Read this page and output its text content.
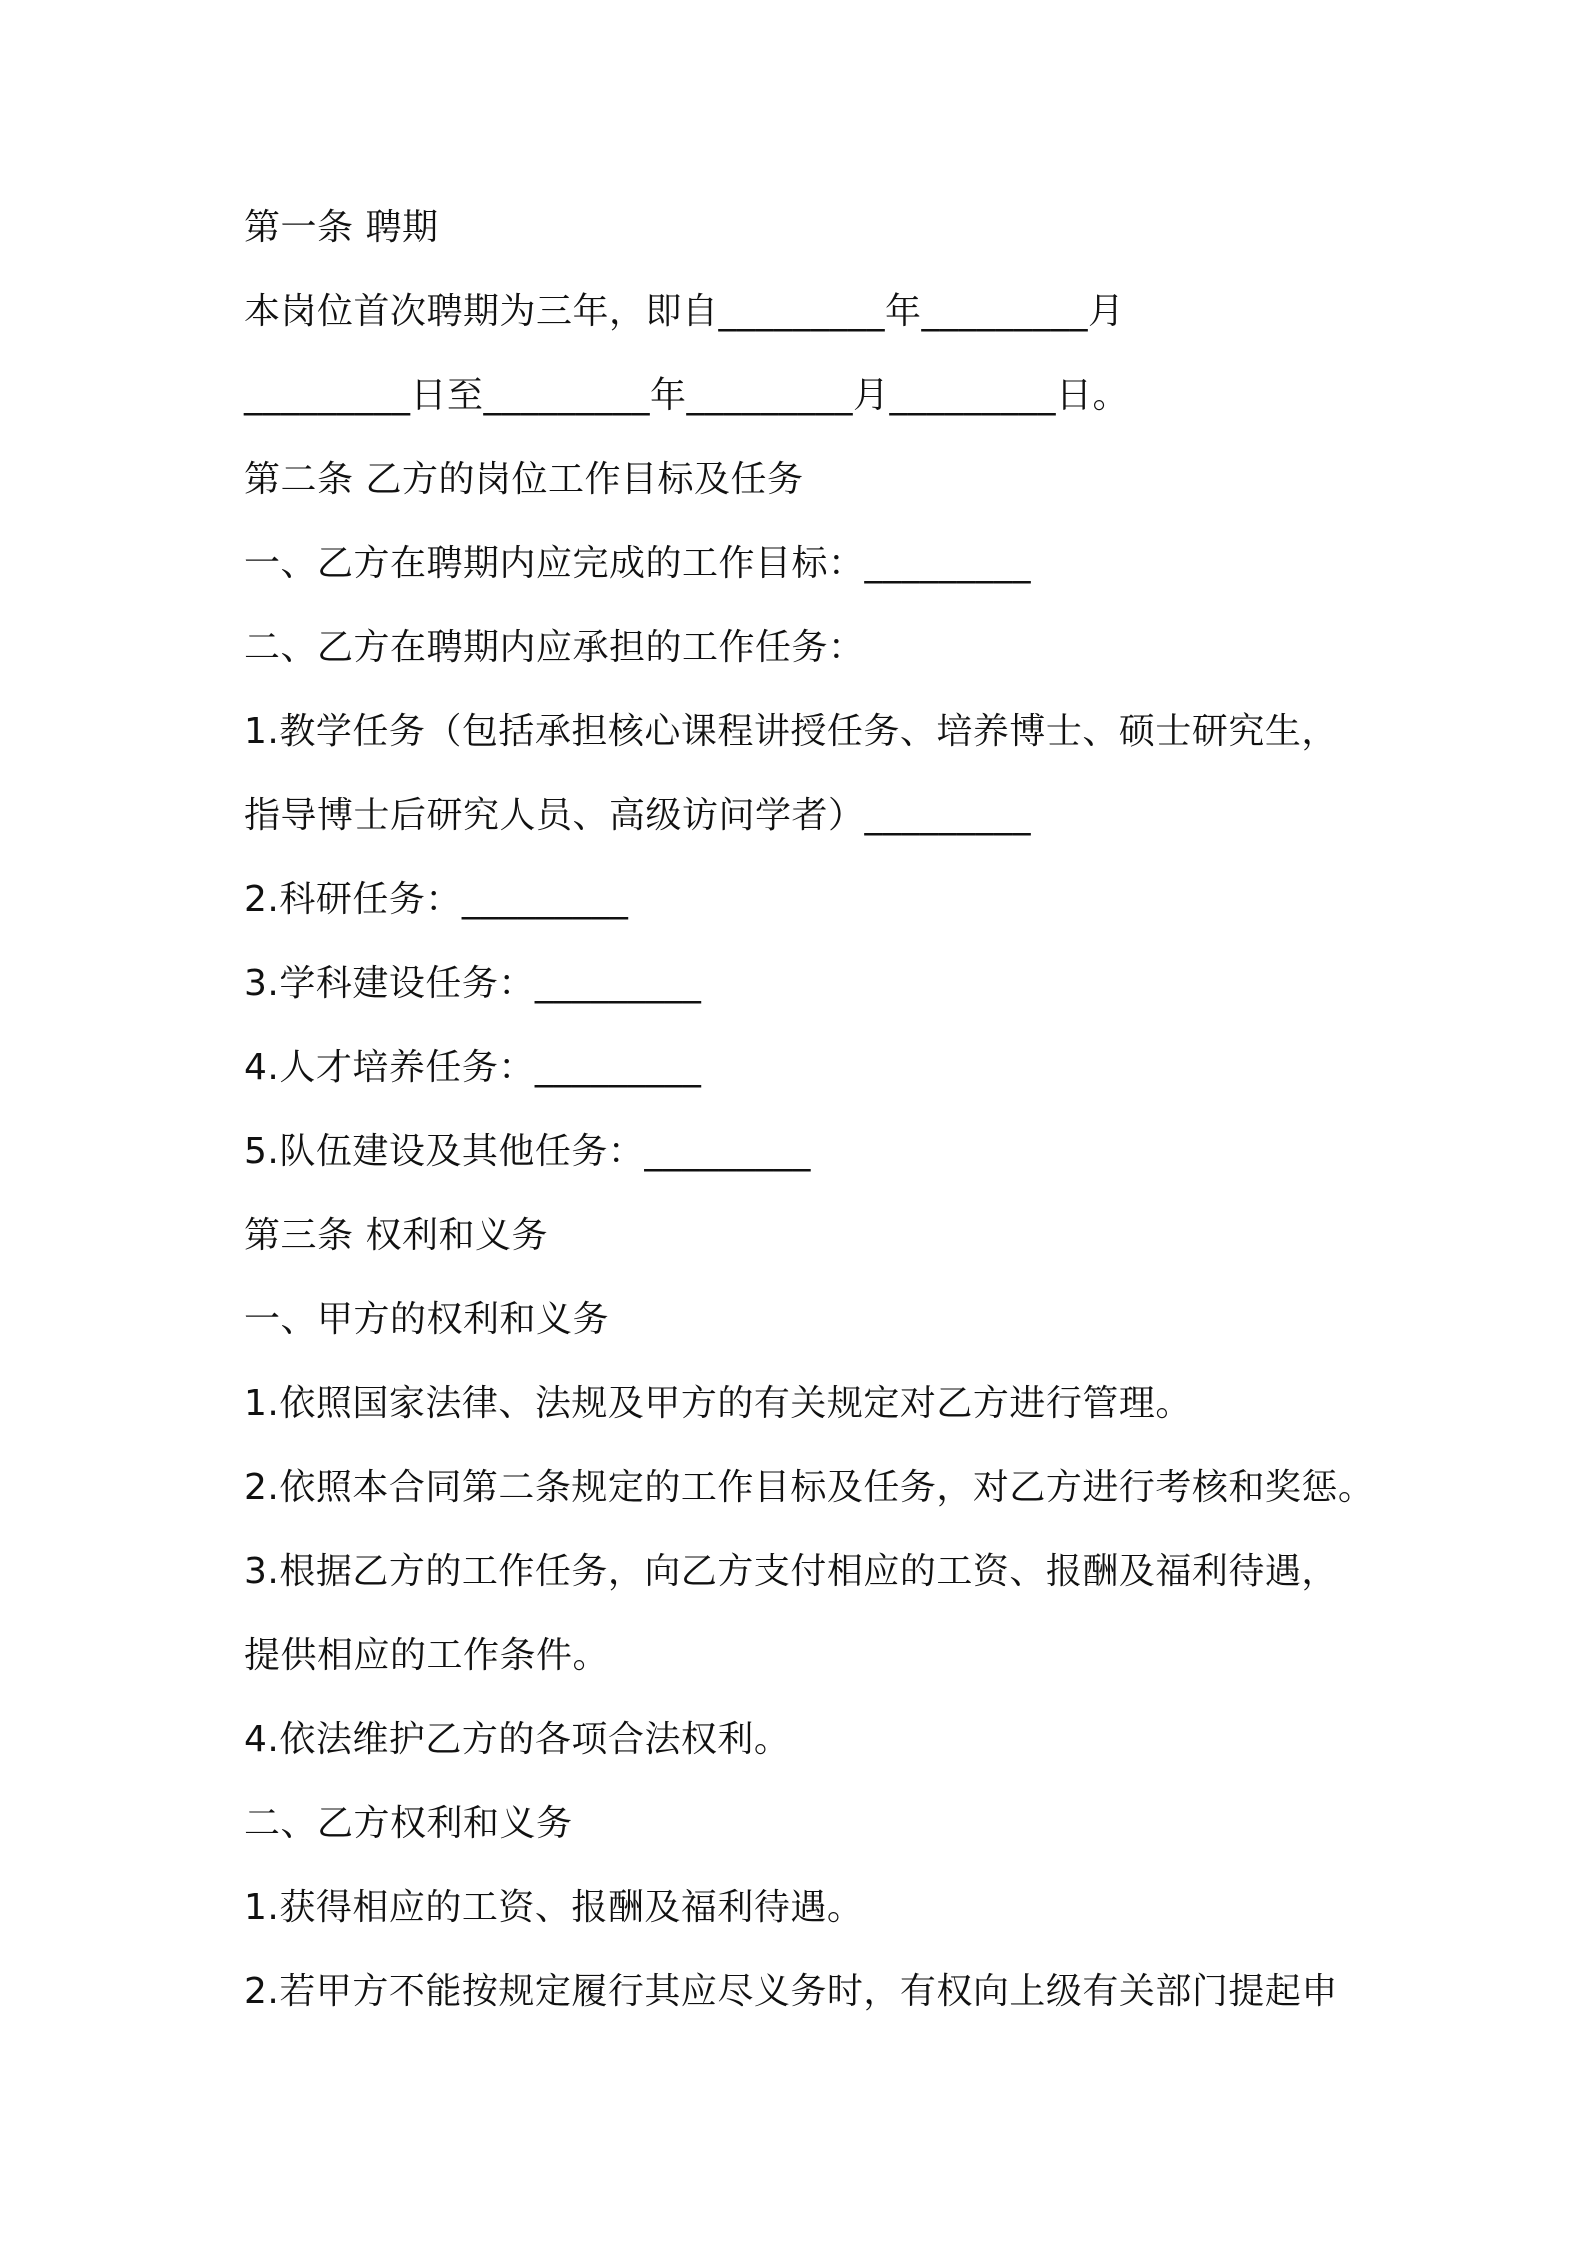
第一条 聘期
本岗位首次聘期为三年，即自_________年_________月
_________日至_________年_________月_________日。
第二条 乙方的岗位工作目标及任务
一、乙方在聘期内应完成的工作目标：_________
二、乙方在聘期内应承担的工作任务：
1.教学任务（包括承担核心课程讲授任务、培养博士、硕士研究生，
指导博士后研究人员、高级访问学者）_________
2.科研任务：_________
3.学科建设任务：_________
4.人才培养任务：_________
5.队伍建设及其他任务：_________
第三条 权利和义务
一、甲方的权利和义务
1.依照国家法律、法规及甲方的有关规定对乙方进行管理。
2.依照本合同第二条规定的工作目标及任务，对乙方进行考核和奖惩。
3.根据乙方的工作任务，向乙方支付相应的工资、报酬及福利待遇，
提供相应的工作条件。
4.依法维护乙方的各项合法权利。
二、乙方权利和义务
1.获得相应的工资、报酬及福利待遇。
2.若甲方不能按规定履行其应尽义务时，有权向上级有关部门提起申
